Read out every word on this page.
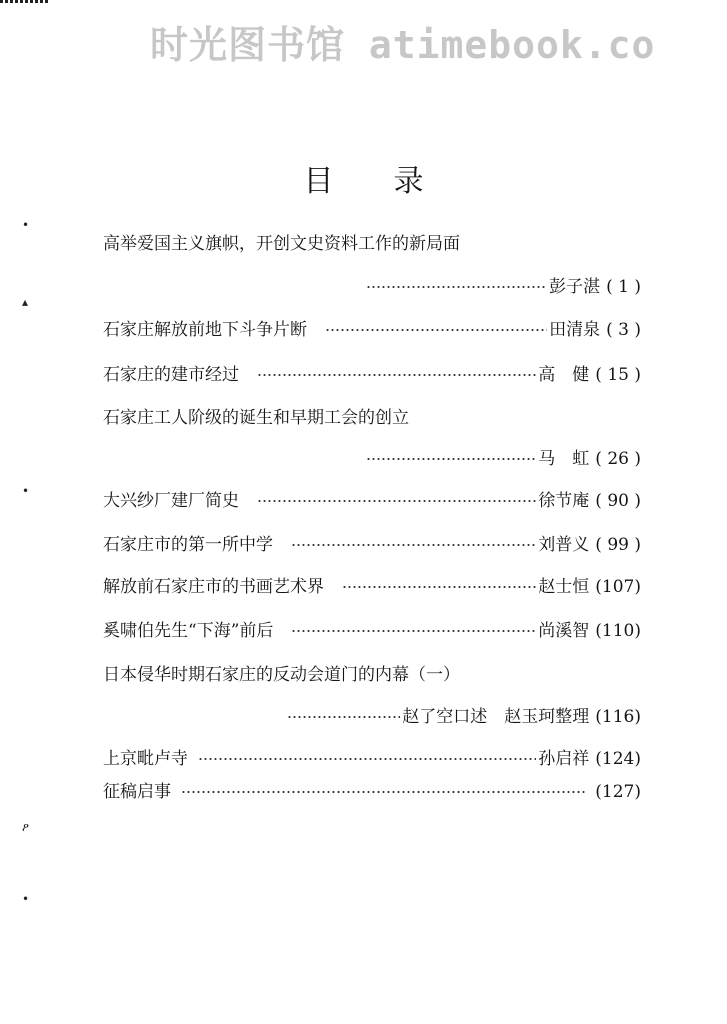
时光图书馆 atimebook.co
目录
•
▴
•
ዖ
•
高举爱国主义旗帜，开创文史资料工作的新局面
彭子湛 ( 1 )
石家庄解放前地下斗争片断	田清泉 ( 3 )
石家庄的建市经过	高　健 ( 15 )
石家庄工人阶级的诞生和早期工会的创立
马　虹 ( 26 )
大兴纱厂建厂简史	徐节庵 ( 90 )
石家庄市的第一所中学	刘普义 ( 99 )
解放前石家庄市的书画艺术界	赵士恒 (107)
奚啸伯先生“下海”前后	尚溪智 (110)
日本侵华时期石家庄的反动会道门的内幕（一）
赵了空口述　赵玉珂整理 (116)
上京毗卢寺	孙启祥 (124)
征稿启事	(127)
